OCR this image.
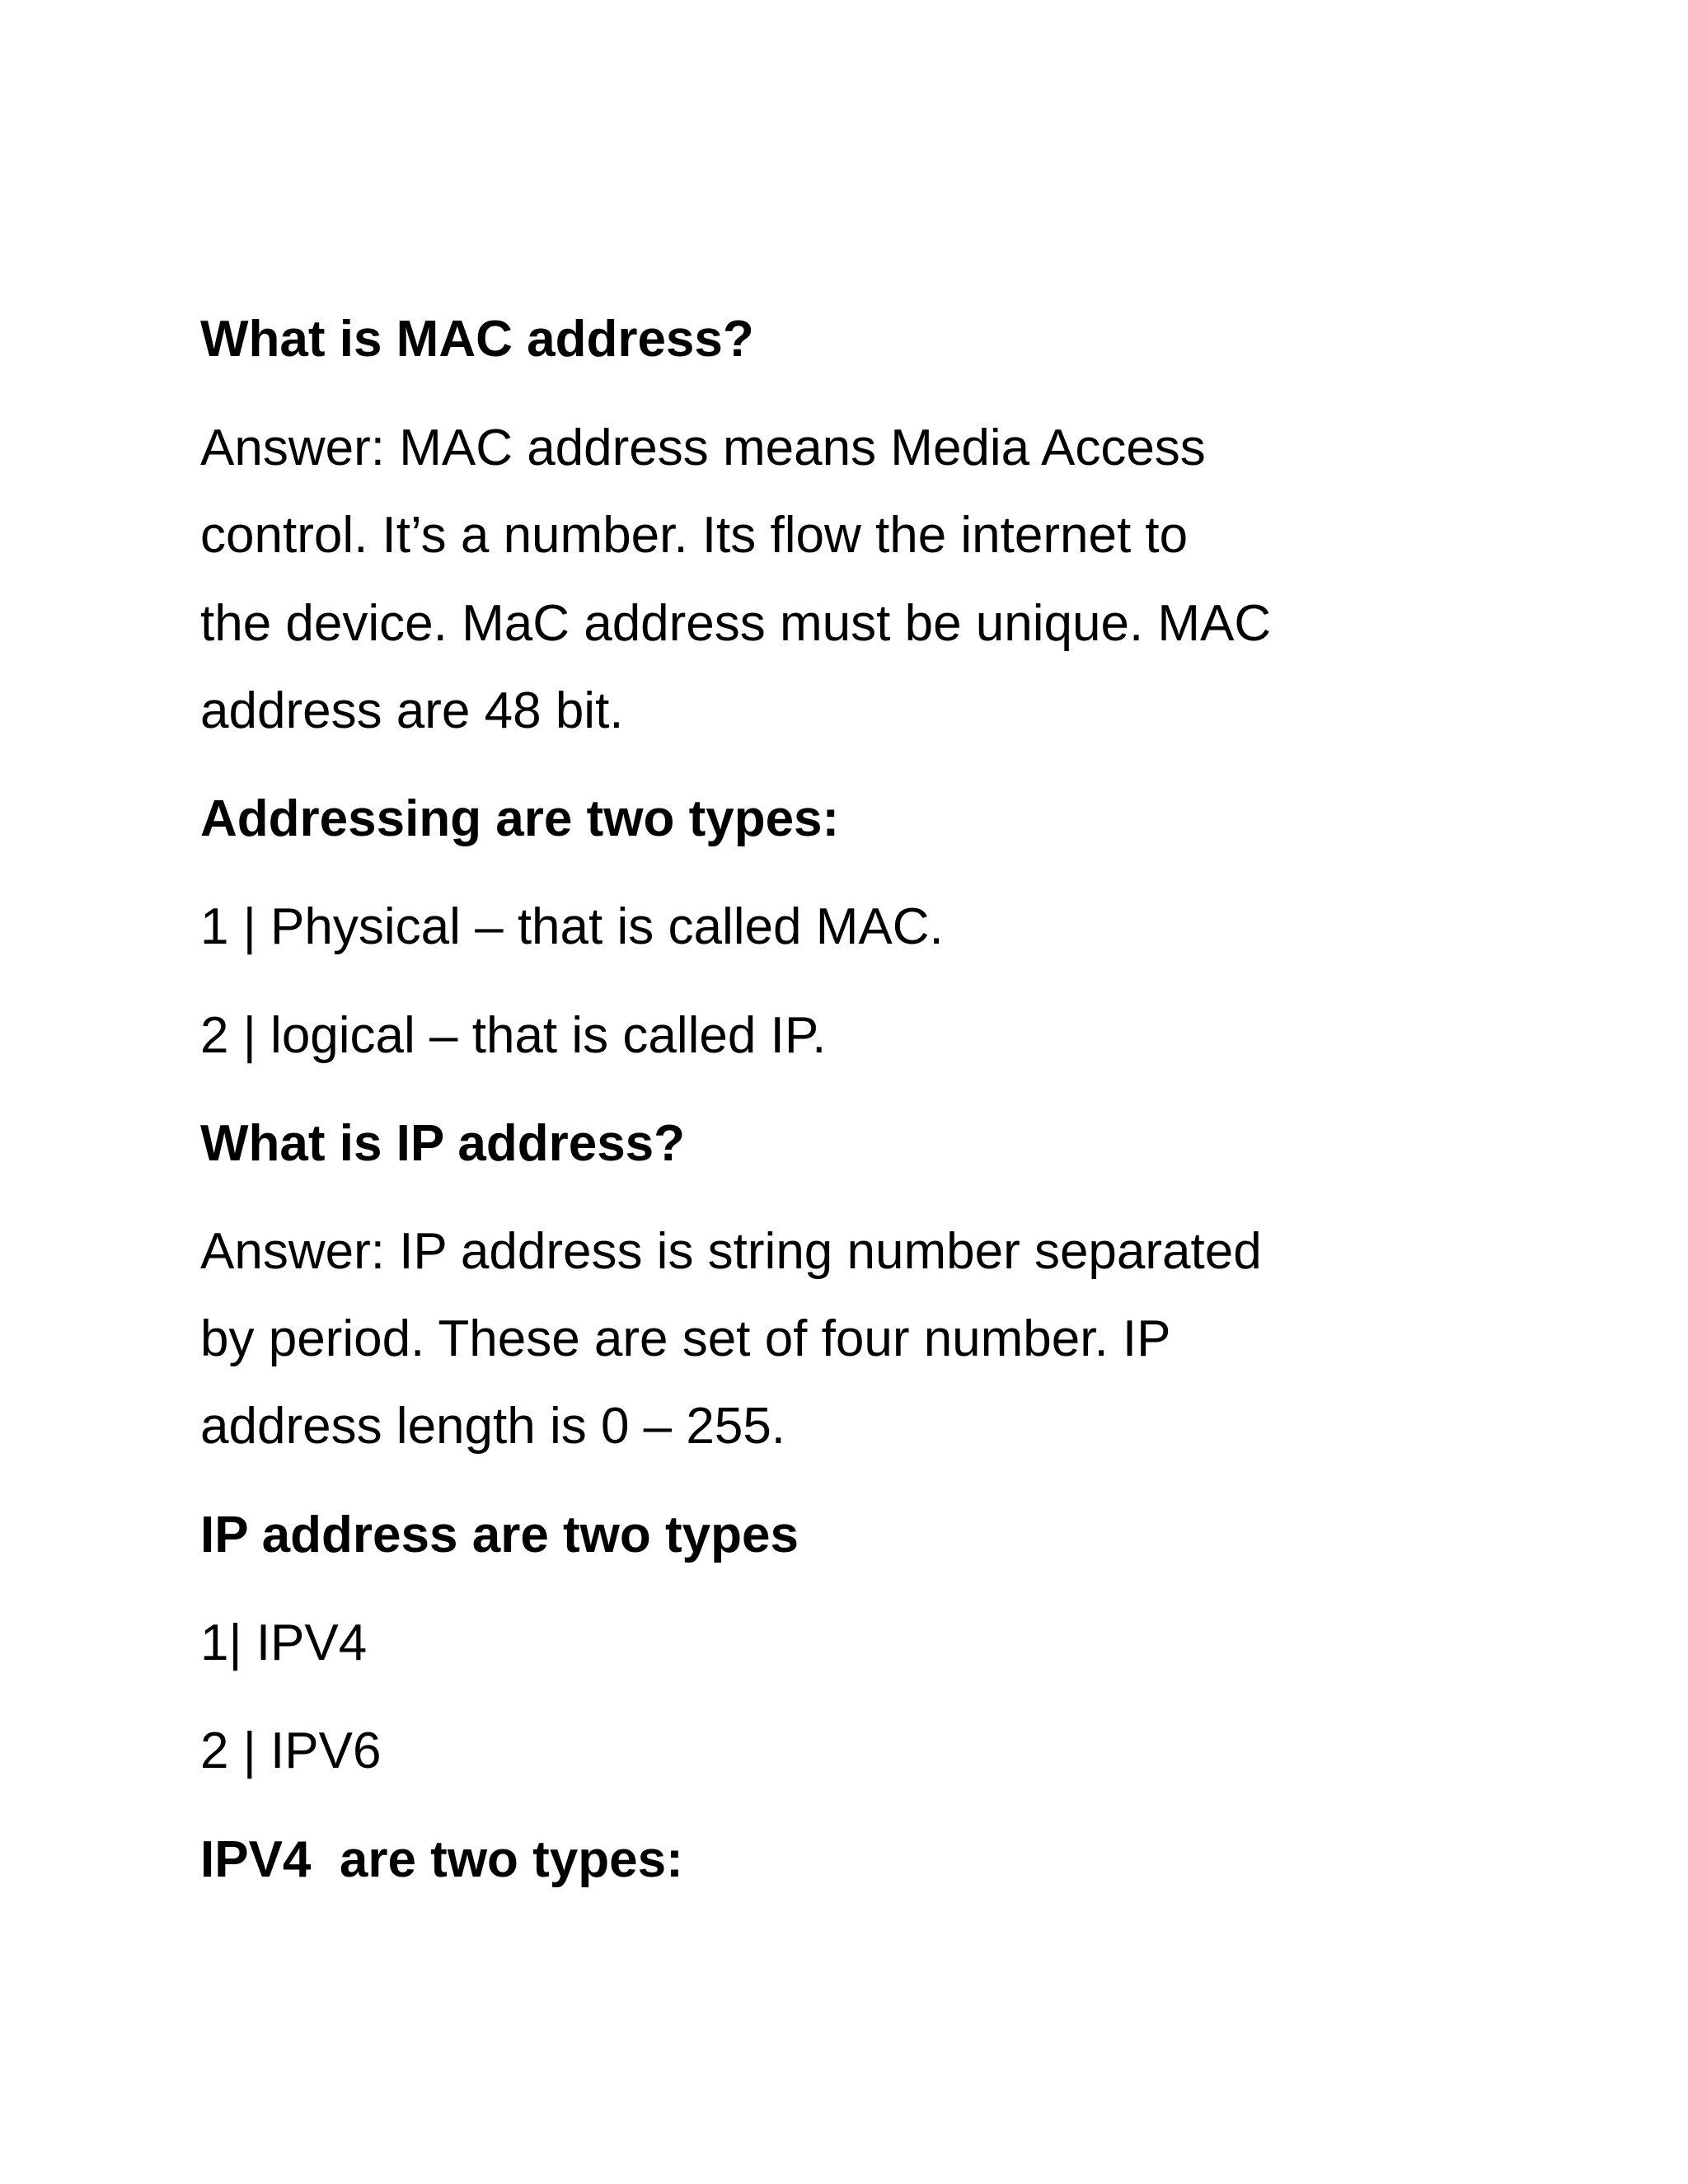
What is MAC address?

Answer: MAC address means Media Access

control. It’s a number. Its flow the internet to

the device. MaC address must be unique. MAC

address are 48 bit.

Addressing are two types:

1 | Physical – that is called MAC.

2 | logical – that is called IP.

What is IP address?

Answer: IP address is string number separated

by period. These are set of four number. IP

address length is 0 – 255.

IP address are two types

1| IPV4

2 | IPV6

IPV4  are two types:
